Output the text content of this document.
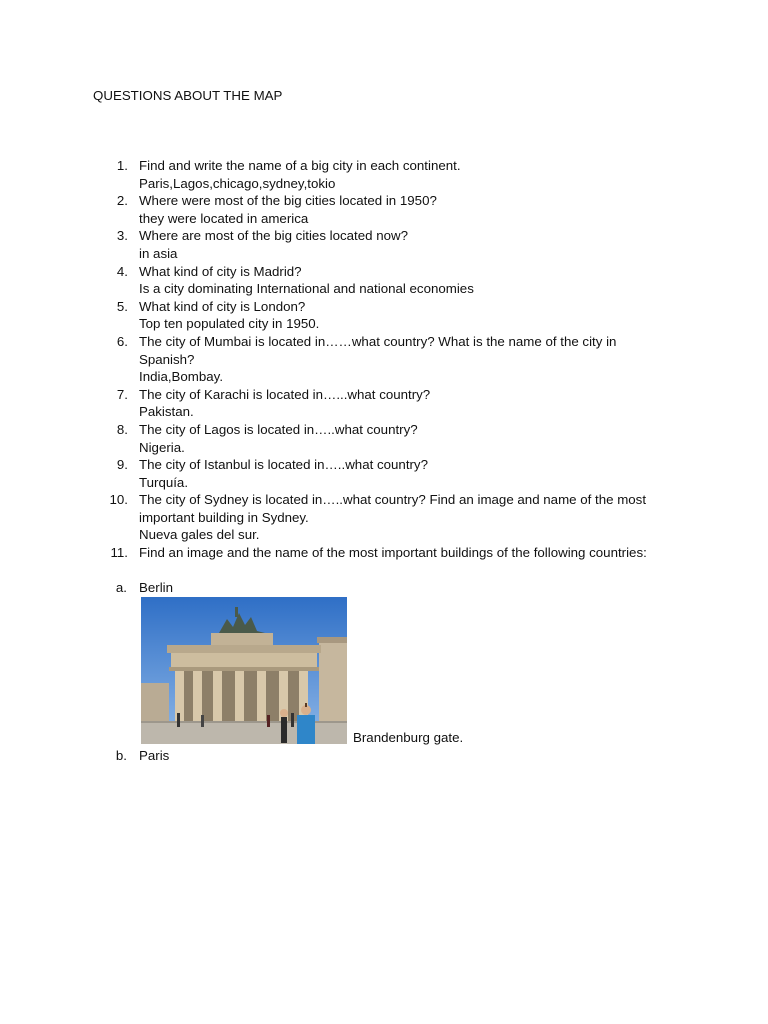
QUESTIONS ABOUT THE MAP
1. Find and write the name of a big city in each continent.
Paris,Lagos,chicago,sydney,tokio
2. Where were most of the big cities located in 1950?
they were located in america
3. Where are most of the big cities located now?
in asia
4. What kind of city is Madrid?
Is a city dominating International and national economies
5. What kind of city is London?
Top ten populated city in 1950.
6. The city of Mumbai is located in……what country? What is the name of the city in Spanish?
India,Bombay.
7. The city of Karachi is located in…...what country?
Pakistan.
8. The city of Lagos is located in…..what country?
Nigeria.
9. The city of Istanbul is located in…..what country?
Turquía.
10. The city of Sydney is located in…..what country? Find an image and name of the most important building in Sydney.
Nueva gales del sur.
11. Find an image and the name of the most important buildings of the following countries:
a. Berlin
Brandenburg gate.
b. Paris
